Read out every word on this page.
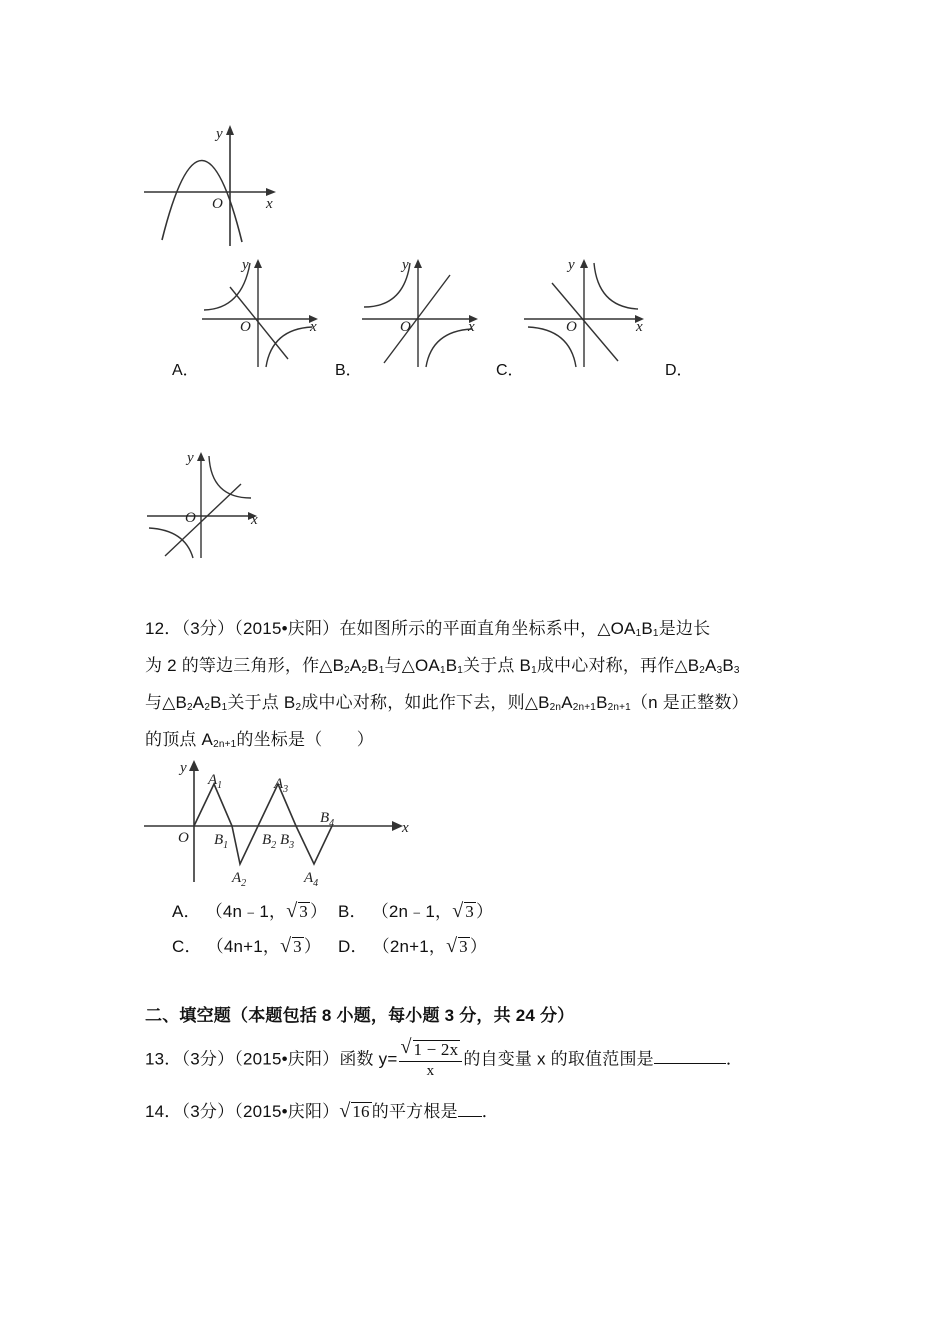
y
x
O
y
x
O
y
x
O
y
x
O
A．	B．	C．	D．
y
x
O
12．（3分）（2015•庆阳）在如图所示的平面直角坐标系中，$\triangle OA_1B_1$是边长
为 2 的等边三角形，作$\triangle B_2A_2B_1$与$\triangle OA_1B_1$关于点 $B_1$成中心对称，再作$\triangle B_2A_3B_3$
与$\triangle B_2A_2B_1$关于点 $B_2$成中心对称，如此作下去，则$\triangle B_{2n}A_{2n+1}B_{2n+1}(n$ 是正整数）
的顶点 $A_{2n+1}$的坐标是（　　）
y
x
O
$A_1$
$A_2$
$A_3$
$A_4$
$B_1$ $B_2$ $B_3$
$B_4$
A． （4n﹣1， √ 3 ） B． （2n﹣1， √ 3 ）
C． （4n+1， √ 3 ） D． （2n+1， √ 3 ）
二、填空题（本题包括 8 小题，每小题 3 分，共 24 分）
13．（3分）（2015•庆阳）函数 $y= \frac{√ 1 - 2x}{x}$ 的自变量 x 的取值范围是	．
14．（3分）（2015•庆阳） √ 16 的平方根是 ．
